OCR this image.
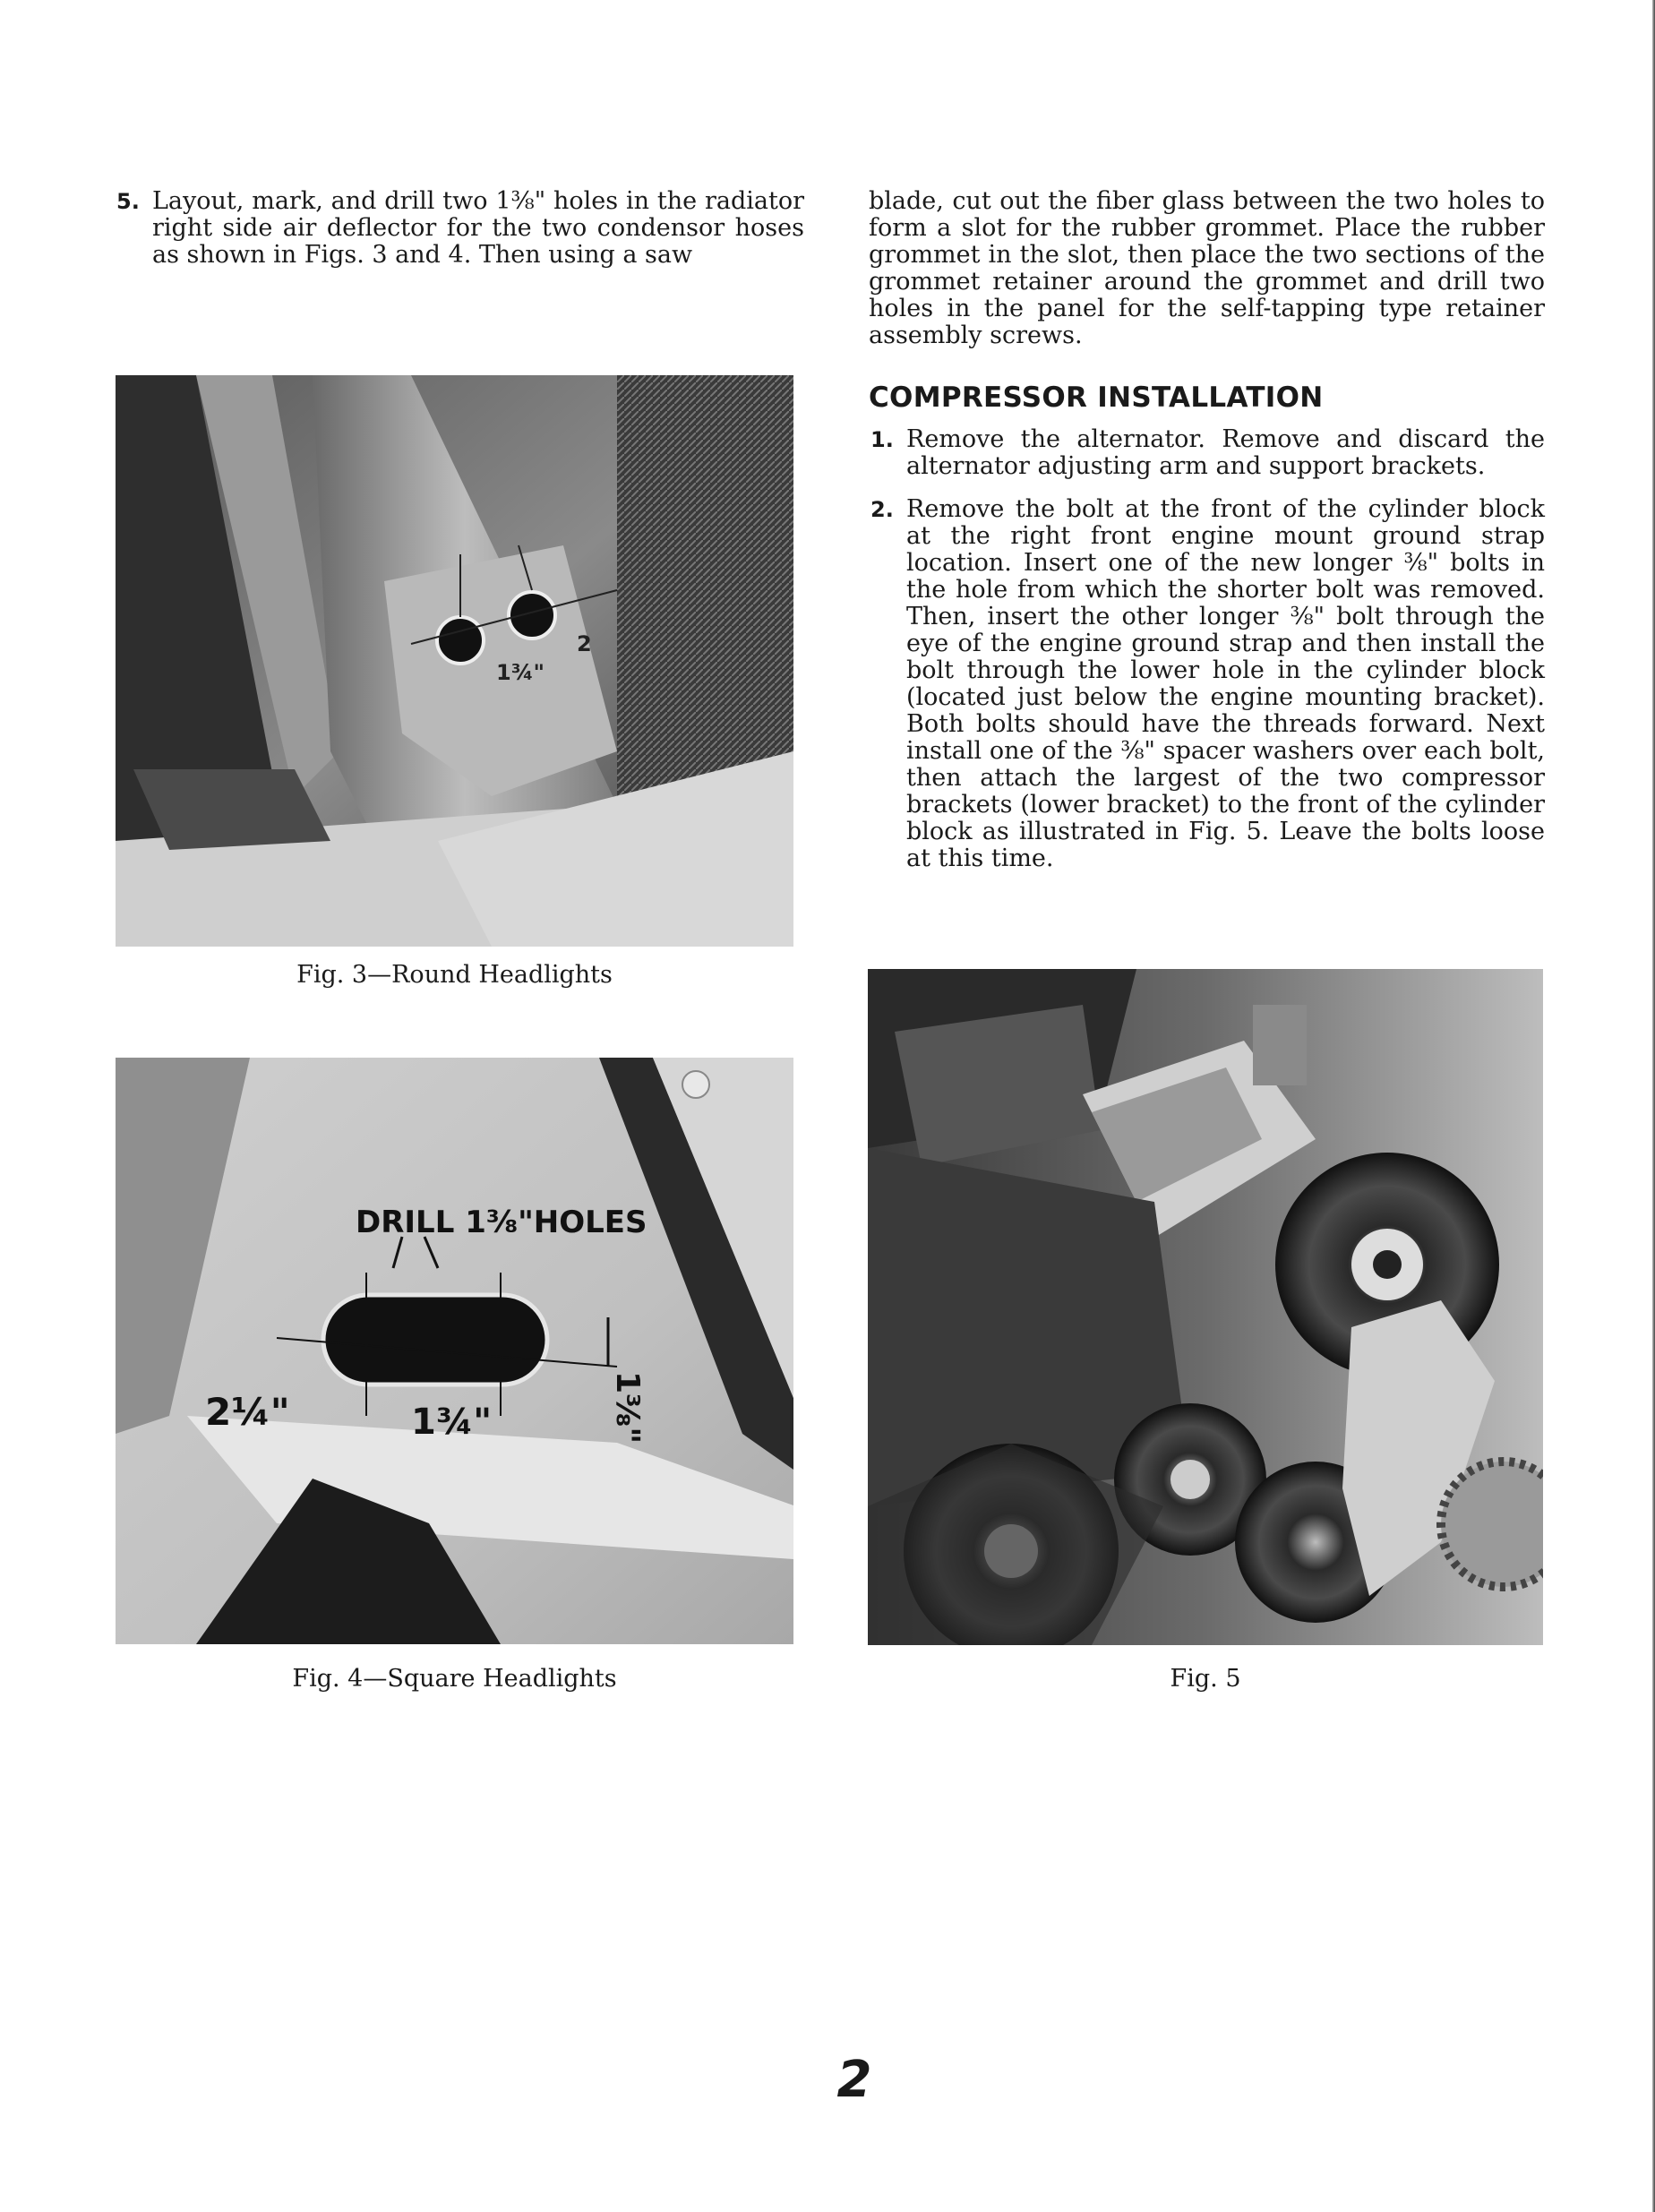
5. Layout, mark, and drill two 1⅜" holes in the radiator right side air deflector for the two condensor hoses as shown in Figs. 3 and 4. Then using a saw
blade, cut out the fiber glass between the two holes to form a slot for the rubber grommet. Place the rubber grommet in the slot, then place the two sections of the grommet retainer around the grommet and drill two holes in the panel for the self-tapping type retainer assembly screws.
COMPRESSOR INSTALLATION
1. Remove the alternator. Remove and discard the alternator adjusting arm and support brackets.
2. Remove the bolt at the front of the cylinder block at the right front engine mount ground strap location. Insert one of the new longer ⅜" bolts in the hole from which the shorter bolt was removed. Then, insert the other longer ⅜" bolt through the eye of the engine ground strap and then install the bolt through the lower hole in the cylinder block (located just below the engine mounting bracket). Both bolts should have the threads forward. Next install one of the ⅜" spacer washers over each bolt, then attach the largest of the two compressor brackets (lower bracket) to the front of the cylinder block as illustrated in Fig. 5. Leave the bolts loose at this time.
1¾"
2
Fig. 3—Round Headlights
DRILL 1⅜"HOLES
2¼"	1¾"	1⅜"
Fig. 4—Square Headlights	Fig. 5
2
